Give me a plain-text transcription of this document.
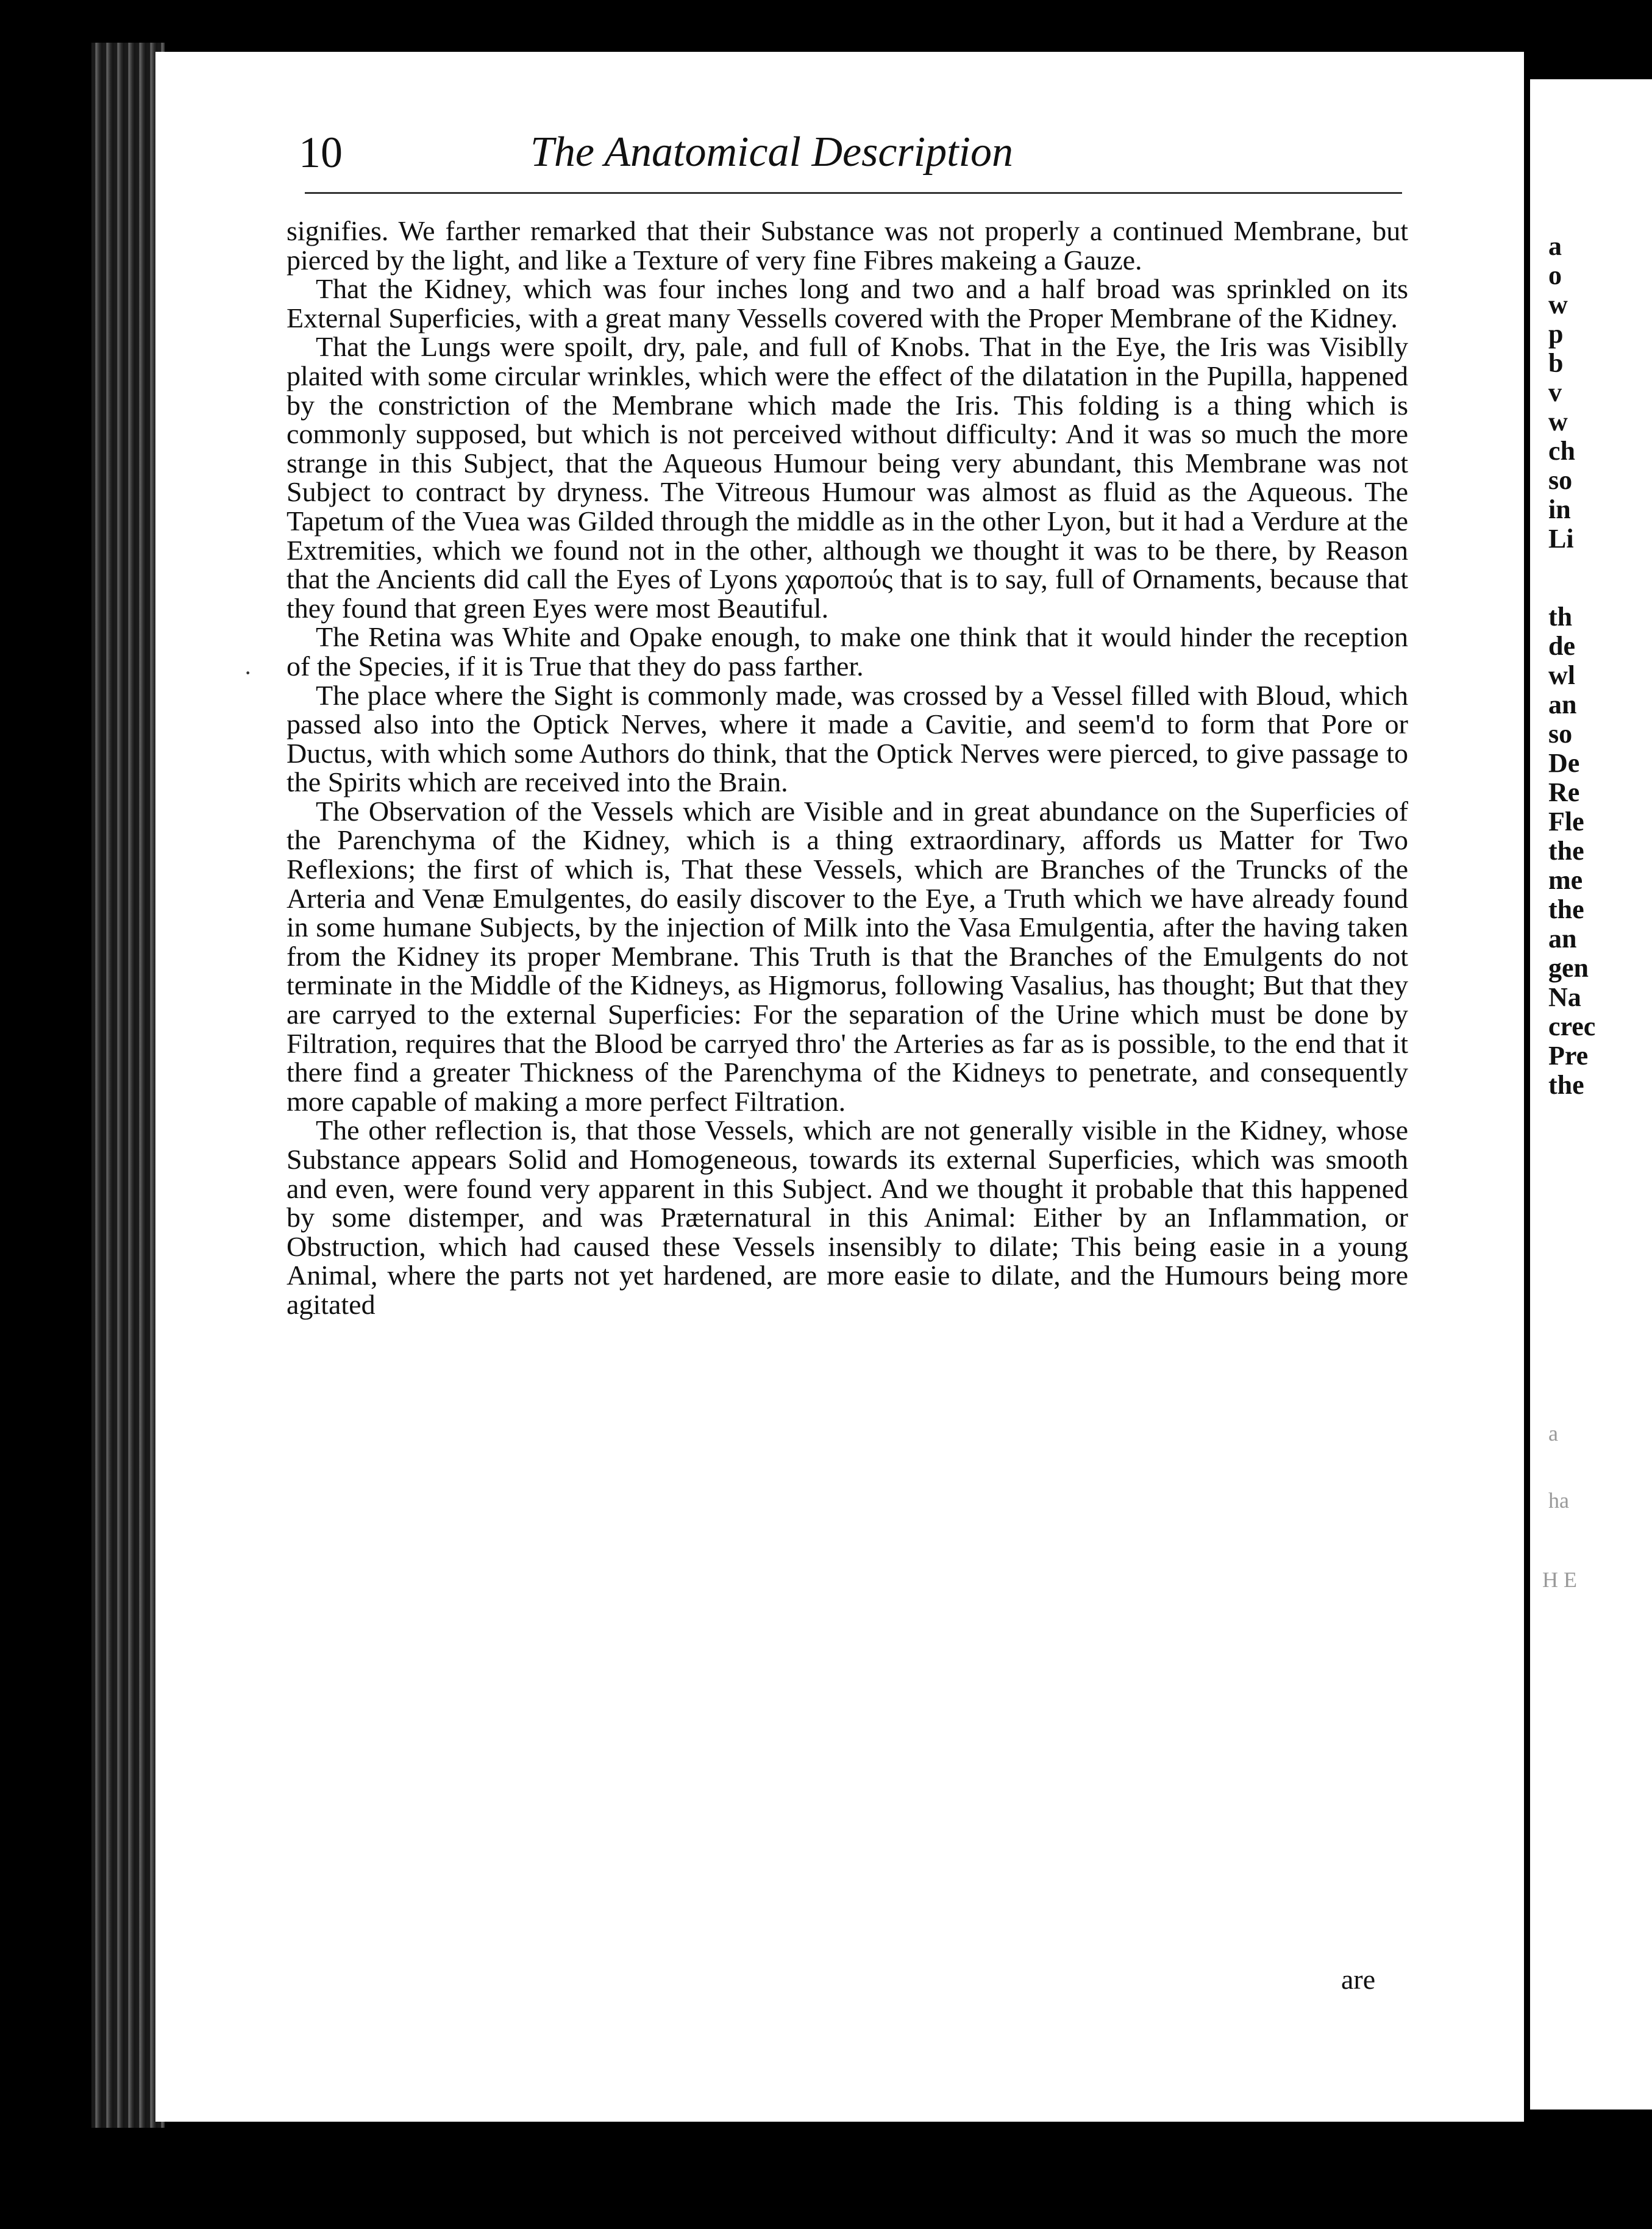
10	The Anatomical Description
·

signifies. We farther remarked that their Substance was not properly a continued Membrane, but pierced by the light, and like a Texture of very fine Fibres makeing a Gauze.

That the Kidney, which was four inches long and two and a half broad was sprinkled on its External Superficies, with a great many Vessells covered with the Proper Membrane of the Kidney.

That the Lungs were spoilt, dry, pale, and full of Knobs. That in the Eye, the Iris was Visiblly plaited with some circular wrinkles, which were the effect of the dilatation in the Pupilla, happened by the constriction of the Membrane which made the Iris. This folding is a thing which is commonly supposed, but which is not perceived without difficulty: And it was so much the more strange in this Subject, that the Aqueous Humour being very abundant, this Membrane was not Subject to contract by dryness. The Vitreous Humour was almost as fluid as the Aqueous. The Tapetum of the Vuea was Gilded through the middle as in the other Lyon, but it had a Verdure at the Extremities, which we found not in the other, although we thought it was to be there, by Reason that the Ancients did call the Eyes of Lyons χαροπούς that is to say, full of Ornaments, because that they found that green Eyes were most Beautiful.

The Retina was White and Opake enough, to make one think that it would hinder the reception of the Species, if it is True that they do pass farther.

The place where the Sight is commonly made, was crossed by a Vessel filled with Bloud, which passed also into the Optick Nerves, where it made a Cavitie, and seem'd to form that Pore or Ductus, with which some Authors do think, that the Optick Nerves were pierced, to give passage to the Spirits which are received into the Brain.

The Observation of the Vessels which are Visible and in great abundance on the Superficies of the Parenchyma of the Kidney, which is a thing extraordinary, affords us Matter for Two Reflexions; the first of which is, That these Vessels, which are Branches of the Truncks of the Arteria and Venæ Emulgentes, do easily discover to the Eye, a Truth which we have already found in some humane Subjects, by the injection of Milk into the Vasa Emulgentia, after the having taken from the Kidney its proper Membrane. This Truth is that the Branches of the Emulgents do not terminate in the Middle of the Kidneys, as Higmorus, following Vasalius, has thought; But that they are carryed to the external Superficies: For the separation of the Urine which must be done by Filtration, requires that the Blood be carryed thro' the Arteries as far as is possible, to the end that it there find a greater Thickness of the Parenchyma of the Kidneys to penetrate, and consequently more capable of making a more perfect Filtration.

The other reflection is, that those Vessels, which are not generally visible in the Kidney, whose Substance appears Solid and Homogeneous, towards its external Superficies, which was smooth and even, were found very apparent in this Subject. And we thought it probable that this happened by some distemper, and was Præternatural in this Animal: Either by an Inflammation, or Obstruction, which had caused these Vessels insensibly to dilate; This being easie in a young Animal, where the parts not yet hardened, are more easie to dilate, and the Humours being more agitated

are
a
o
w
p
b
v
w
ch
so
in
Li
th
de
wl
an
so
De
Re
Fle
the
me
the
an
gen
Na
crec
Pre
the
a
ha
H E
